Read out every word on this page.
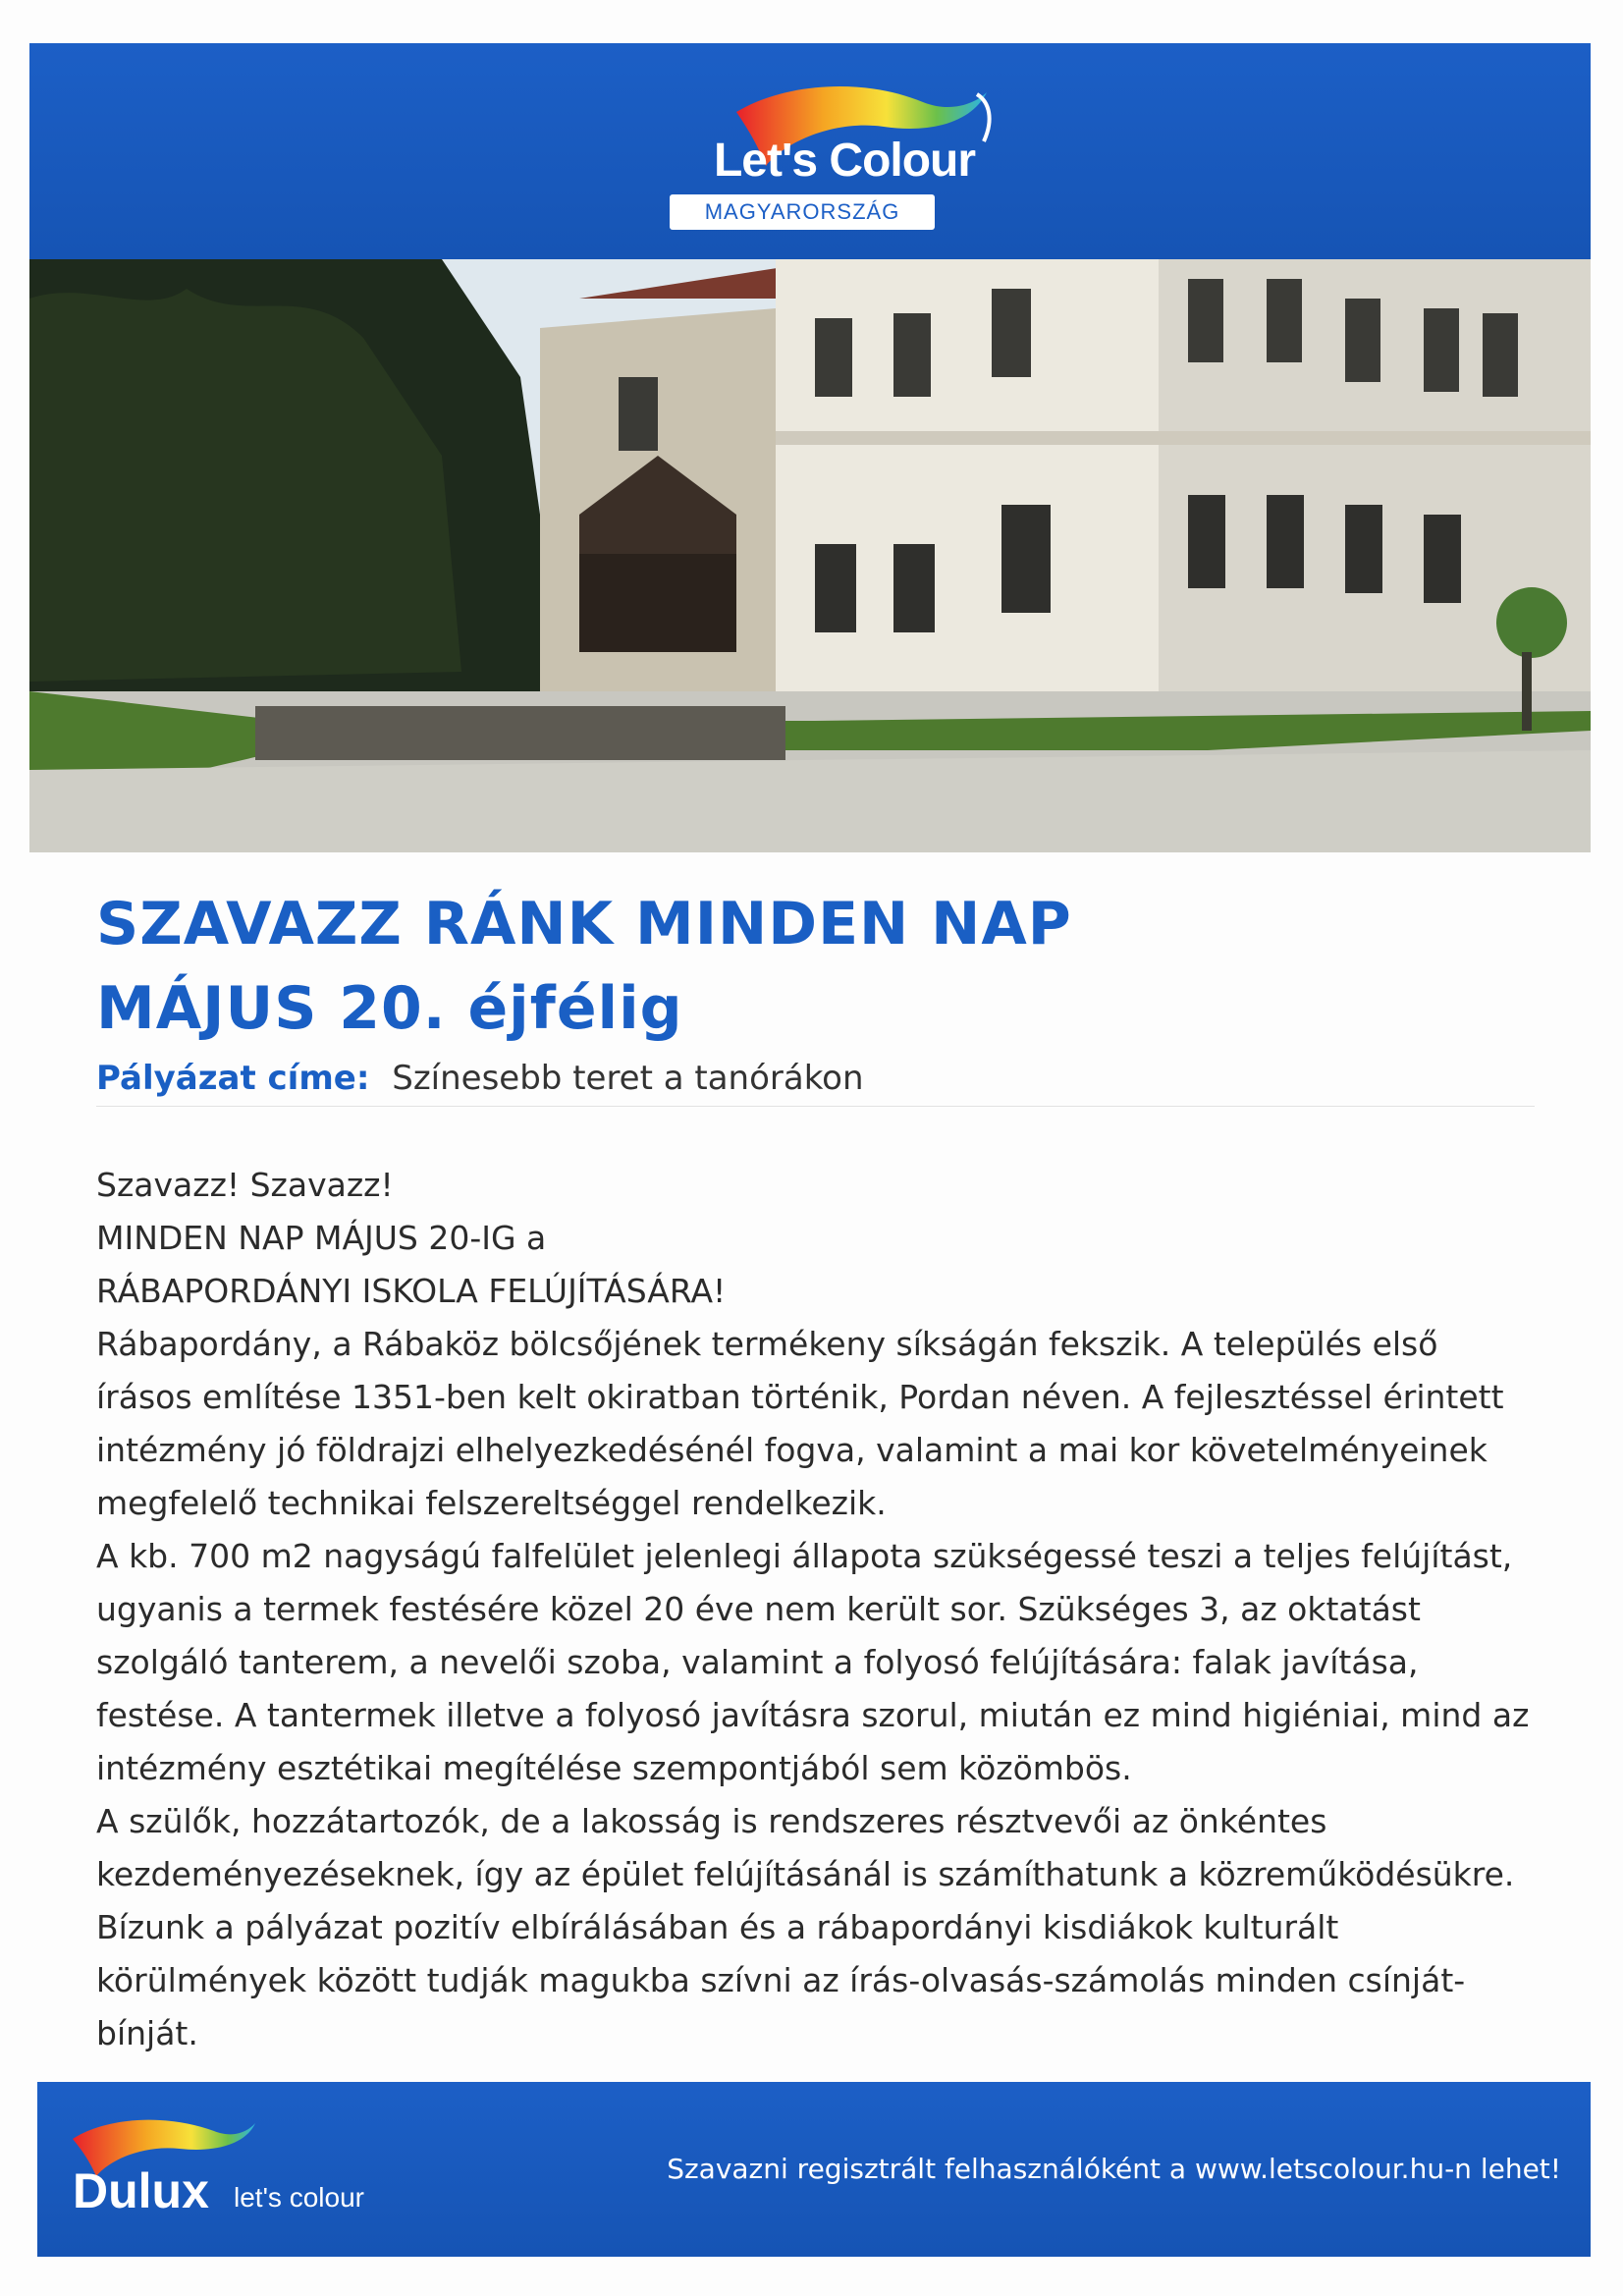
Let's Colour
MAGYARORSZÁG
SZAVAZZ RÁNK MINDEN NAP
MÁJUS 20. éjfélig
Pályázat címe: Színesebb teret a tanórákon

Szavazz! Szavazz!

MINDEN NAP MÁJUS 20-IG a

RÁBAPORDÁNYI ISKOLA FELÚJÍTÁSÁRA!

Rábapordány, a Rábaköz bölcsőjének termékeny síkságán fekszik. A település első írásos említése 1351-ben kelt okiratban történik, Pordan néven. A fejlesztéssel érintett intézmény jó földrajzi elhelyezkedésénél fogva, valamint a mai kor követelményeinek megfelelő technikai felszereltséggel rendelkezik.

A kb. 700 m2 nagyságú falfelület jelenlegi állapota szükségessé teszi a teljes felújítást, ugyanis a termek festésére közel 20 éve nem került sor. Szükséges 3, az oktatást szolgáló tanterem, a nevelői szoba, valamint a folyosó felújítására: falak javítása, festése. A tantermek illetve a folyosó javításra szorul, miután ez mind higiéniai, mind az intézmény esztétikai megítélése szempontjából sem közömbös.

A szülők, hozzátartozók, de a lakosság is rendszeres résztvevői az önkéntes kezdeményezéseknek, így az épület felújításánál is számíthatunk a közreműködésükre. Bízunk a pályázat pozitív elbírálásában és a rábapordányi kisdiákok kulturált körülmények között tudják magukba szívni az írás-olvasás-számolás minden csínját-bínját.

Dulux let's colour
Szavazni regisztrált felhasználóként a www.letscolour.hu-n lehet!
